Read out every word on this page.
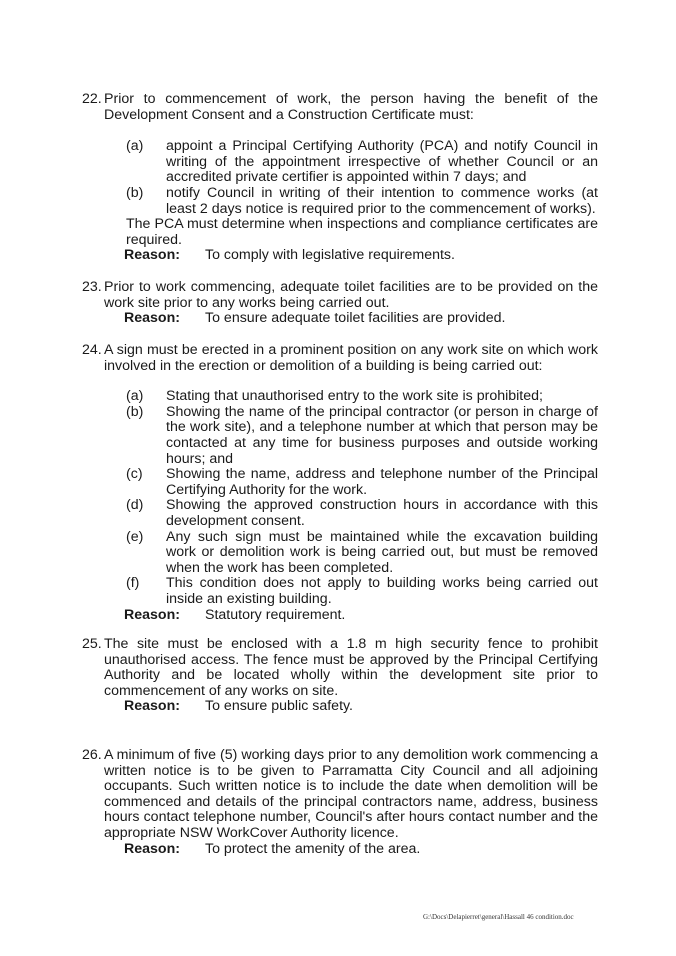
22. Prior to commencement of work, the person having the benefit of the Development Consent and a Construction Certificate must:
(a)	appoint a Principal Certifying Authority (PCA) and notify Council in writing of the appointment irrespective of whether Council or an accredited private certifier is appointed within 7 days; and
(b)	notify Council in writing of their intention to commence works (at least 2 days notice is required prior to the commencement of works).
The PCA must determine when inspections and compliance certificates are required.
Reason:	To comply with legislative requirements.
23. Prior to work commencing, adequate toilet facilities are to be provided on the work site prior to any works being carried out.
Reason:	To ensure adequate toilet facilities are provided.
24. A sign must be erected in a prominent position on any work site on which work involved in the erection or demolition of a building is being carried out:
(a)	Stating that unauthorised entry to the work site is prohibited;
(b)	Showing the name of the principal contractor (or person in charge of the work site), and a telephone number at which that person may be contacted at any time for business purposes and outside working hours; and
(c)	Showing the name, address and telephone number of the Principal Certifying Authority for the work.
(d)	Showing the approved construction hours in accordance with this development consent.
(e)	Any such sign must be maintained while the excavation building work or demolition work is being carried out, but must be removed when the work has been completed.
(f)	This condition does not apply to building works being carried out inside an existing building.
Reason:	Statutory requirement.
25. The site must be enclosed with a 1.8 m high security fence to prohibit unauthorised access. The fence must be approved by the Principal Certifying Authority and be located wholly within the development site prior to commencement of any works on site.
Reason:	To ensure public safety.
26. A minimum of five (5) working days prior to any demolition work commencing a written notice is to be given to Parramatta City Council and all adjoining occupants. Such written notice is to include the date when demolition will be commenced and details of the principal contractors name, address, business hours contact telephone number, Council's after hours contact number and the appropriate NSW WorkCover Authority licence.
Reason:	To protect the amenity of the area.
G:\Docs\Delapierret\general\Hassall 46 condition.doc
